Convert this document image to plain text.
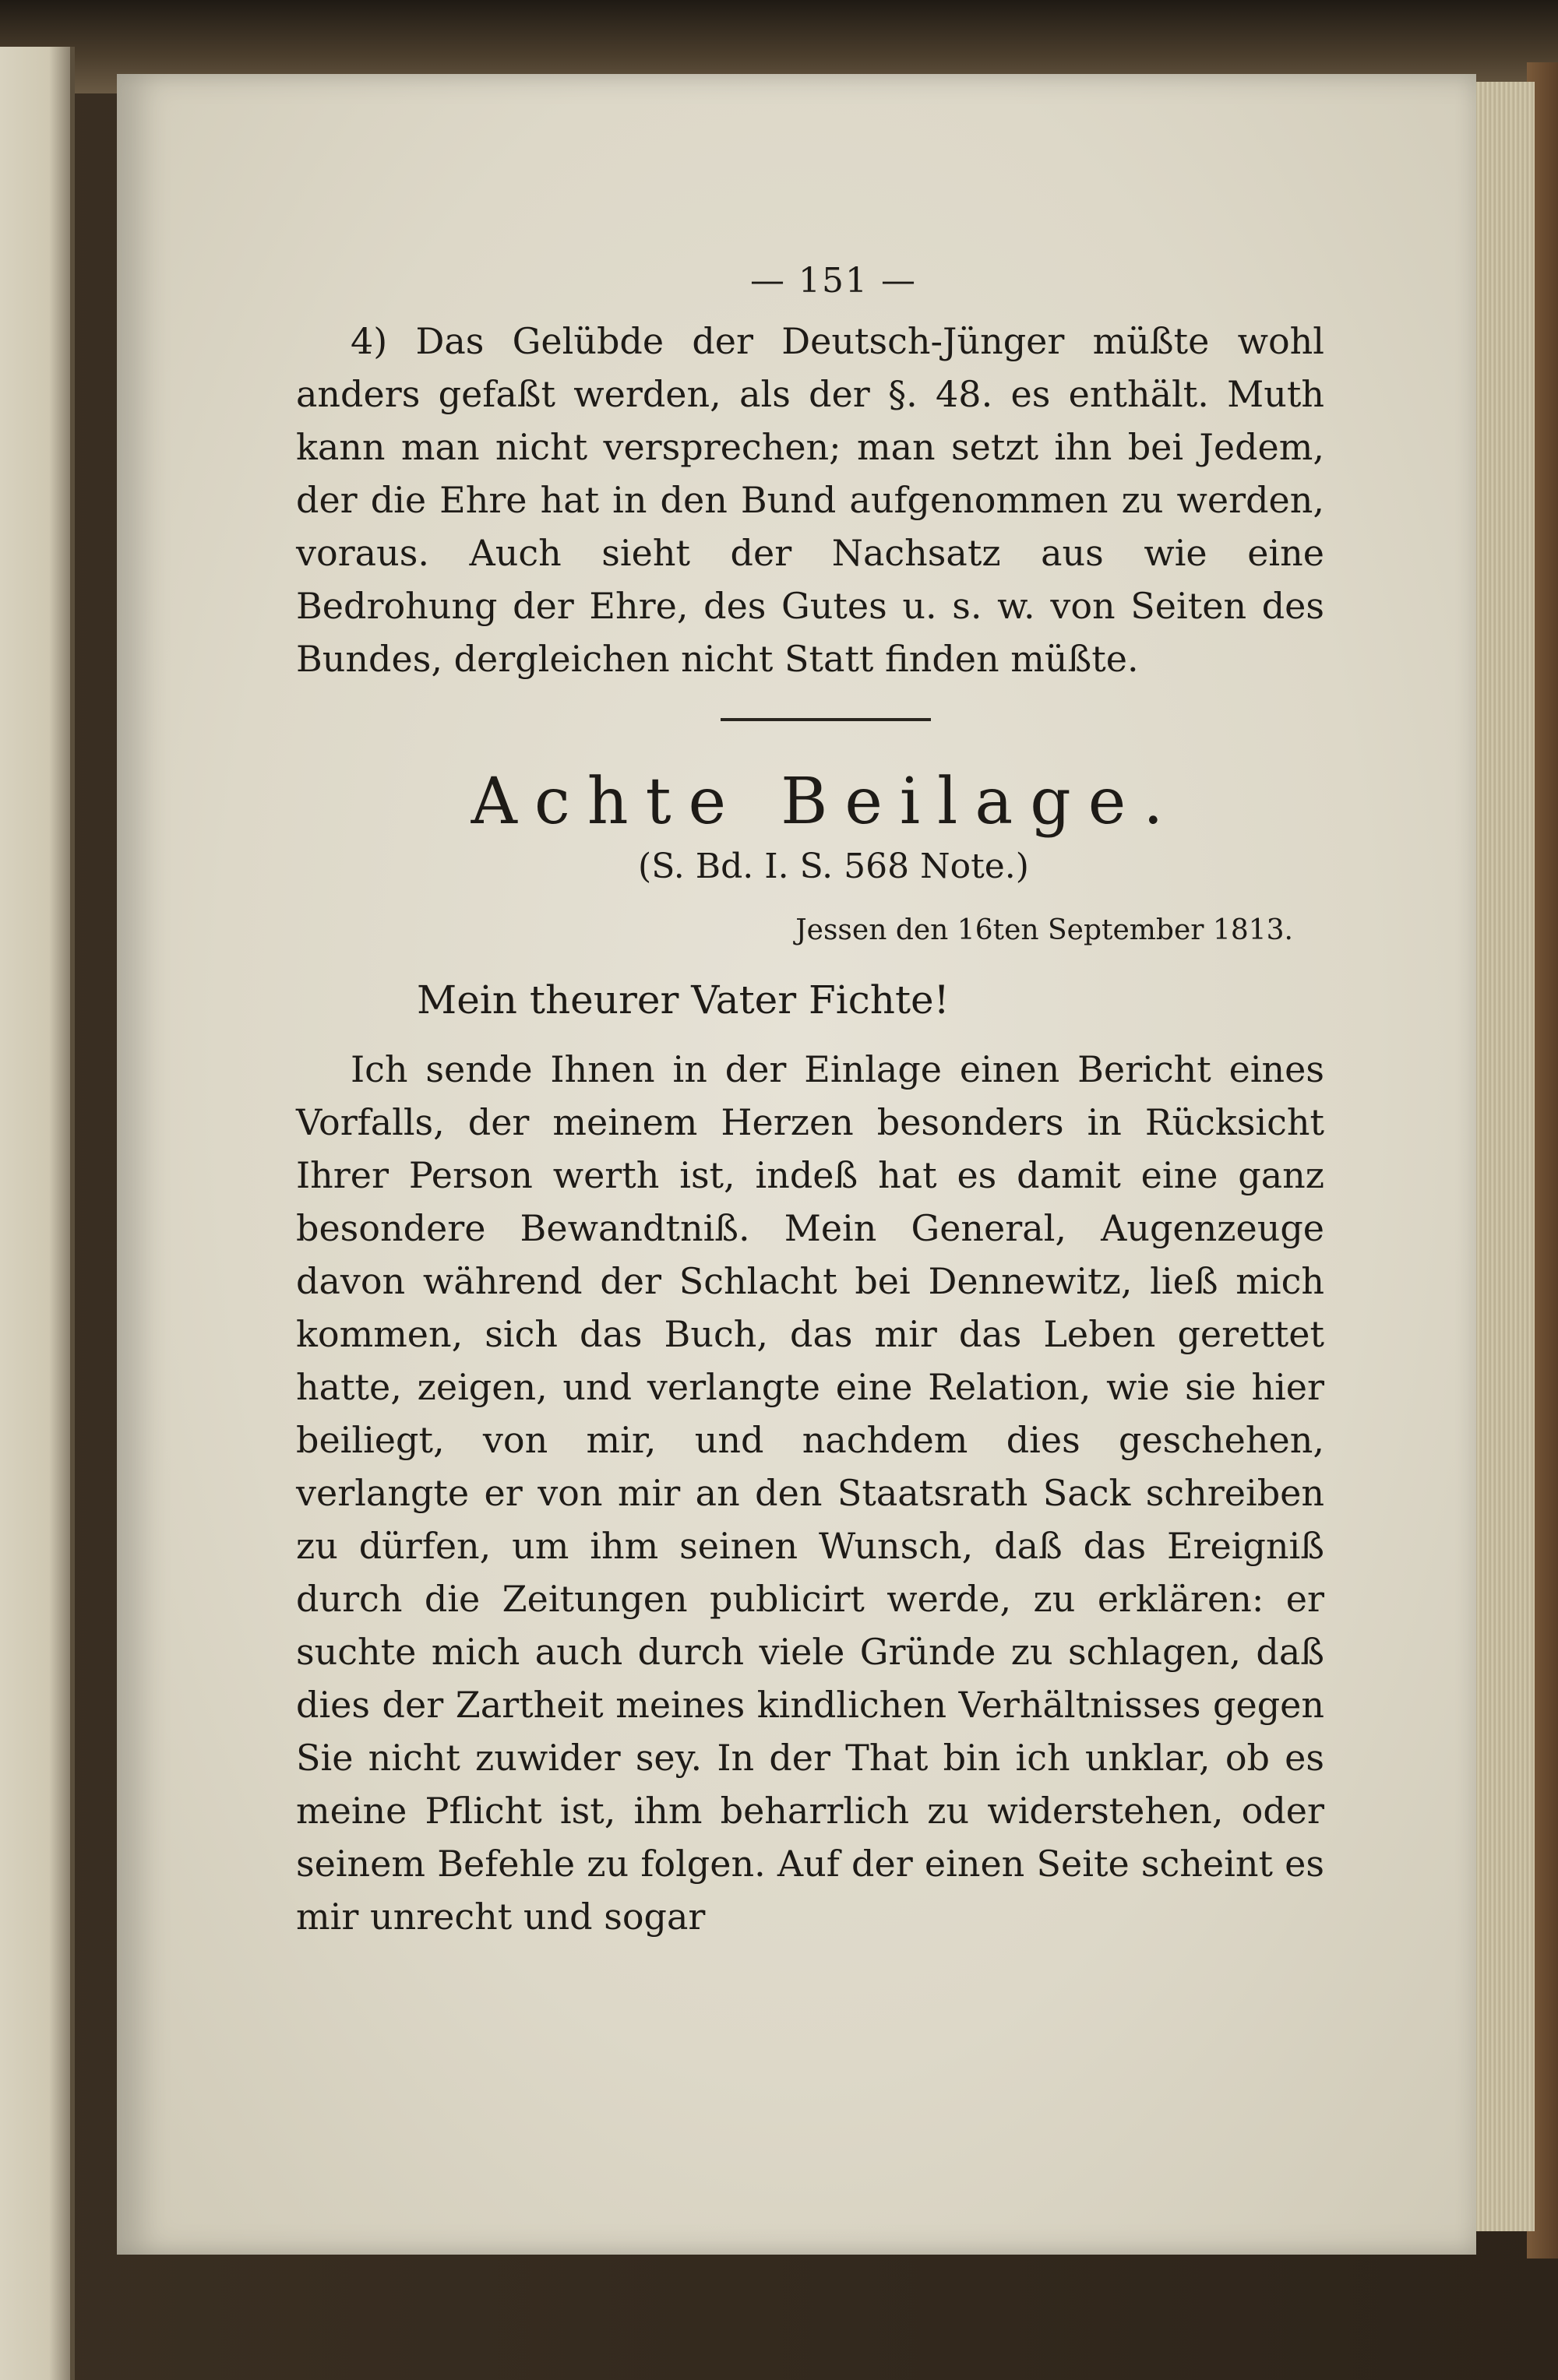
— 151 —

4) Das Gelübde der Deutsch-Jünger müßte wohl anders gefaßt werden, als der §. 48. es enthält. Muth kann man nicht versprechen; man setzt ihn bei Jedem, der die Ehre hat in den Bund aufgenommen zu werden, voraus. Auch sieht der Nachsatz aus wie eine Bedrohung der Ehre, des Gutes u. s. w. von Seiten des Bundes, dergleichen nicht Statt finden müßte.

Achte Beilage.
(S. Bd. I. S. 568 Note.)
Jessen den 16ten September 1813.
Mein theurer Vater Fichte!

Ich sende Ihnen in der Einlage einen Bericht eines Vorfalls, der meinem Herzen besonders in Rücksicht Ihrer Person werth ist, indeß hat es damit eine ganz besondere Bewandtniß. Mein General, Augenzeuge davon während der Schlacht bei Dennewitz, ließ mich kommen, sich das Buch, das mir das Leben gerettet hatte, zeigen, und verlangte eine Relation, wie sie hier beiliegt, von mir, und nachdem dies geschehen, verlangte er von mir an den Staatsrath Sack schreiben zu dürfen, um ihm seinen Wunsch, daß das Ereigniß durch die Zeitungen publicirt werde, zu erklären: er suchte mich auch durch viele Gründe zu schlagen, daß dies der Zartheit meines kindlichen Verhältnisses gegen Sie nicht zuwider sey. In der That bin ich unklar, ob es meine Pflicht ist, ihm beharrlich zu widerstehen, oder seinem Befehle zu folgen. Auf der einen Seite scheint es mir unrecht und sogar
